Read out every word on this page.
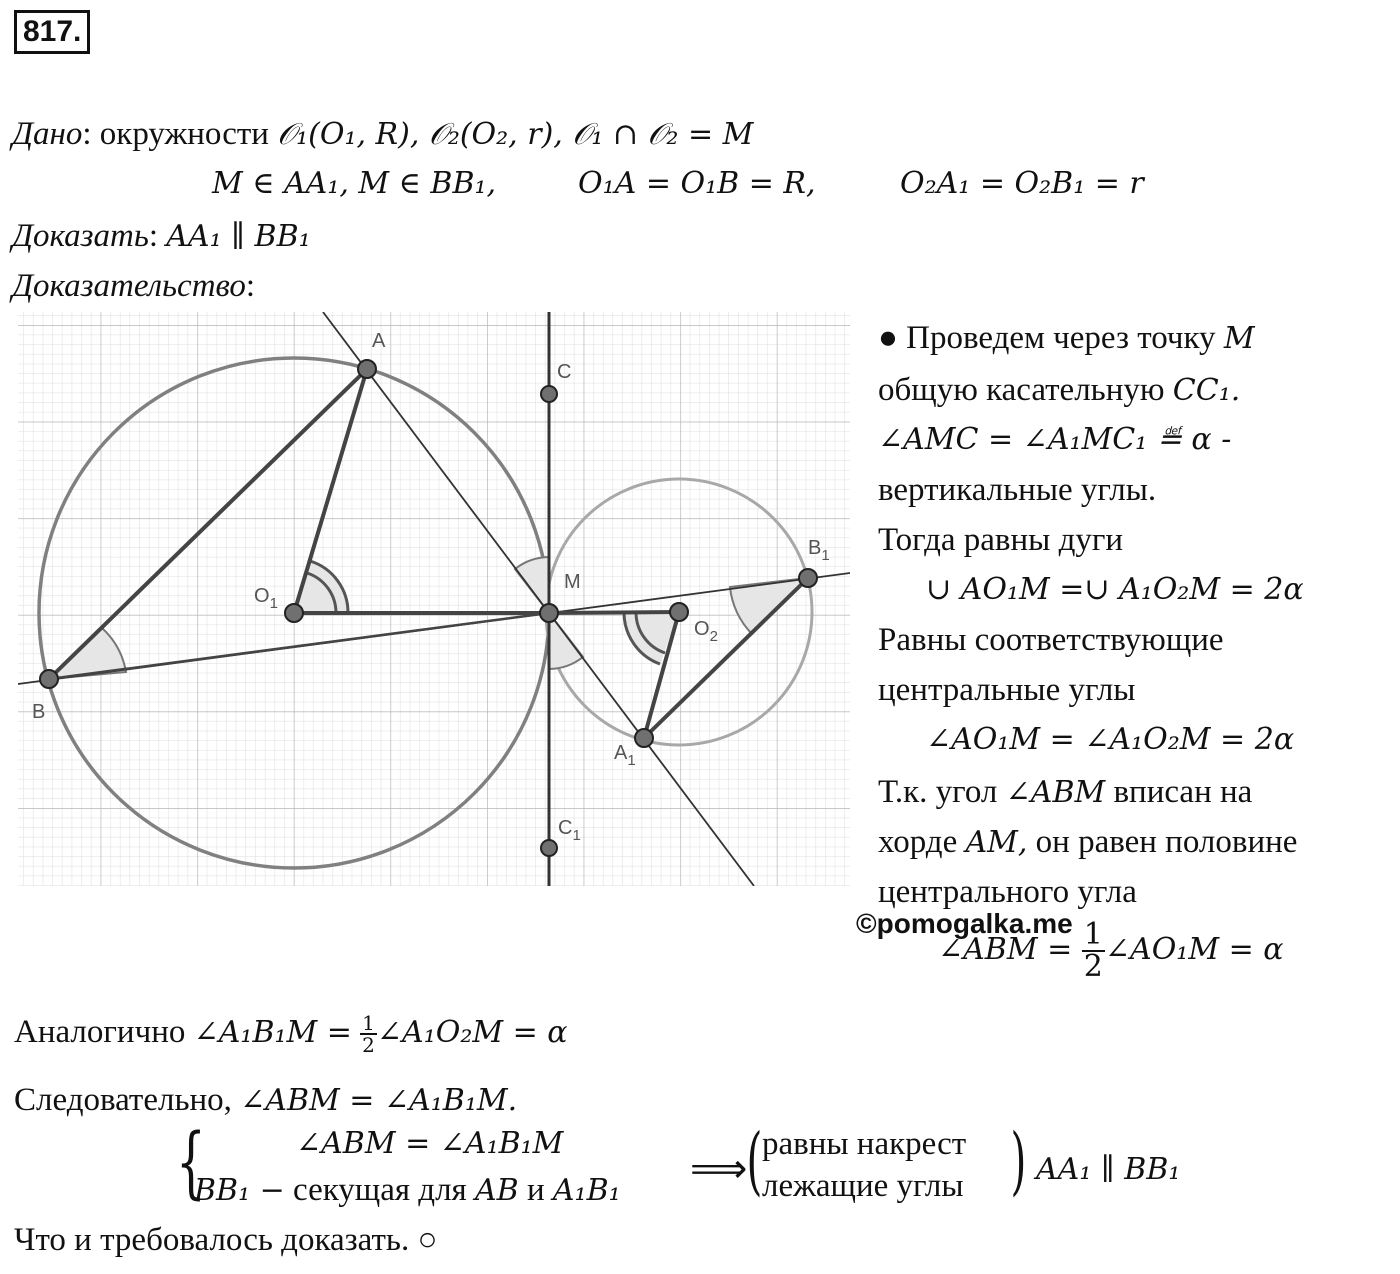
817.
Дано: окружности 𝒪₁(O₁, R), 𝒪₂(O₂, r), 𝒪₁ ∩ 𝒪₂ = M
M ∈ AA₁, M ∈ BB₁,	O₁A = O₁B = R,	O₂A₁ = O₂B₁ = r
Доказать: AA₁ ∥ BB₁
Доказательство:
A
B
C
$C_1$
M
$O_1$
$O_2$
$A_1$
$B_1$
● Проведем через точку M
общую касательную CC₁.
∠AMC = ∠A₁MC₁ ≝ α -
вертикальные углы.
Тогда равны дуги
∪ AO₁M =∪ A₁O₂M = 2α
Равны соответствующие
центральные углы
∠AO₁M = ∠A₁O₂M = 2α
Т.к. угол ∠ABM вписан на
хорде AM, он равен половине
центрального угла
©pomogalka.me
∠ABM = $\frac{1}{2}$ ∠AO₁M = α
Аналогично ∠A₁B₁M = $\frac{1}{2}$ ∠A₁O₂M = α
Следовательно, ∠ABM = ∠A₁B₁M.
{	∠ABM = ∠A₁B₁M
BB₁ − секущая для AB и A₁B₁ ⟹ ( равны накрест
лежащие углы ) AA₁ ∥ BB₁
Что и требовалось доказать. ○
